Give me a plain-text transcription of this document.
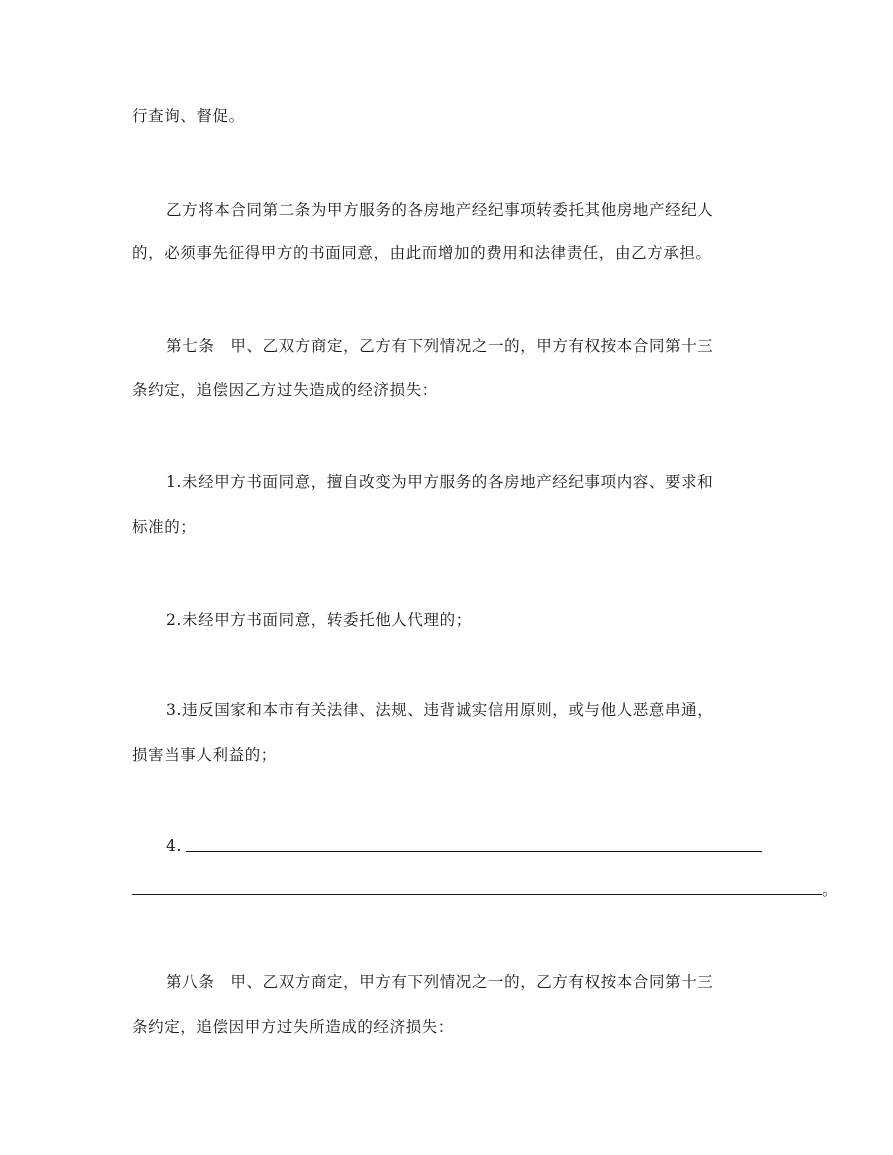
行查询、督促。
乙方将本合同第二条为甲方服务的各房地产经纪事项转委托其他房地产经纪人
的，必须事先征得甲方的书面同意，由此而增加的费用和法律责任，由乙方承担。
第七条　甲、乙双方商定，乙方有下列情况之一的，甲方有权按本合同第十三
条约定，追偿因乙方过失造成的经济损失：
1.未经甲方书面同意，擅自改变为甲方服务的各房地产经纪事项内容、要求和
标准的；
2.未经甲方书面同意，转委托他人代理的；
3.违反国家和本市有关法律、法规、违背诚实信用原则，或与他人恶意串通，
损害当事人利益的；
4.
。
第八条　甲、乙双方商定，甲方有下列情况之一的，乙方有权按本合同第十三
条约定，追偿因甲方过失所造成的经济损失：
